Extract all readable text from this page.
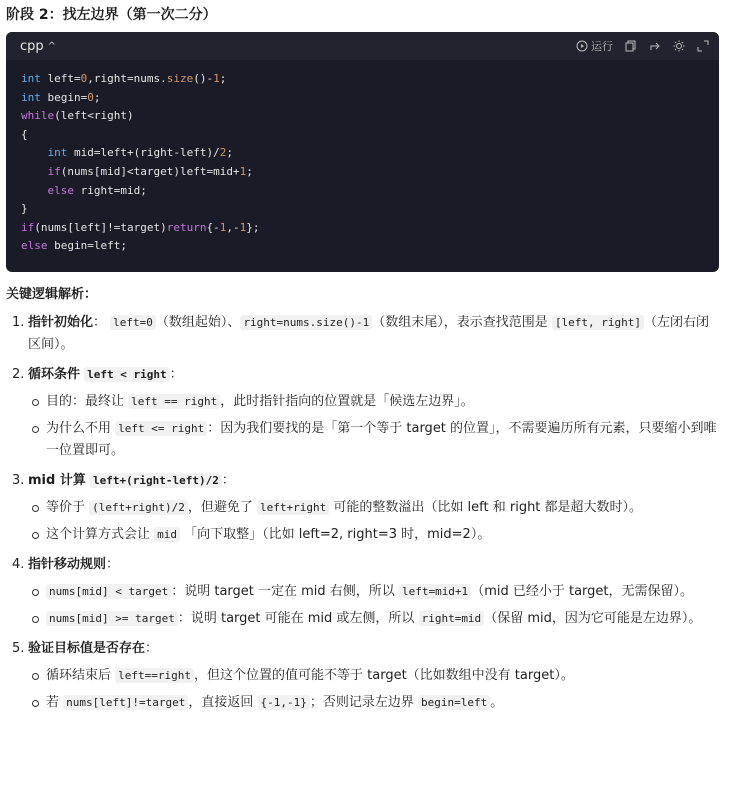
阶段 2：找左边界（第一次二分）
cpp ^	运行
int left=0,right=nums.size()-1;
int begin=0;
while(left<right)
{
int mid=left+(right-left)/2;
if(nums[mid]<target)left=mid+1;
else right=mid;
}
if(nums[left]!=target)return{-1,-1};
else begin=left;
关键逻辑解析：
1. 指针初始化： left=0 （数组起始）、 right=nums.size()-1 （数组末尾），表示查找范围是 [left, right] （左闭右闭区间）。
2. 循环条件 left < right ：
目的：最终让 left == right ，此时指针指向的位置就是「候选左边界」。
为什么不用 left <= right ：因为我们要找的是「第一个等于 target 的位置」，不需要遍历所有元素，只要缩小到唯一位置即可。
3. mid 计算 left+(right-left)/2 ：
等价于 (left+right)/2 ，但避免了 left+right 可能的整数溢出（比如 left 和 right 都是超大数时）。
这个计算方式会让 mid 「向下取整」（比如 left=2, right=3 时，mid=2）。
4. 指针移动规则：
nums[mid] < target ：说明 target 一定在 mid 右侧，所以 left=mid+1 （mid 已经小于 target，无需保留）。
nums[mid] >= target ：说明 target 可能在 mid 或左侧，所以 right=mid （保留 mid，因为它可能是左边界）。
5. 验证目标值是否存在：
循环结束后 left==right ，但这个位置的值可能不等于 target（比如数组中没有 target）。
若 nums[left]!=target ，直接返回 {-1,-1} ；否则记录左边界 begin=left 。
